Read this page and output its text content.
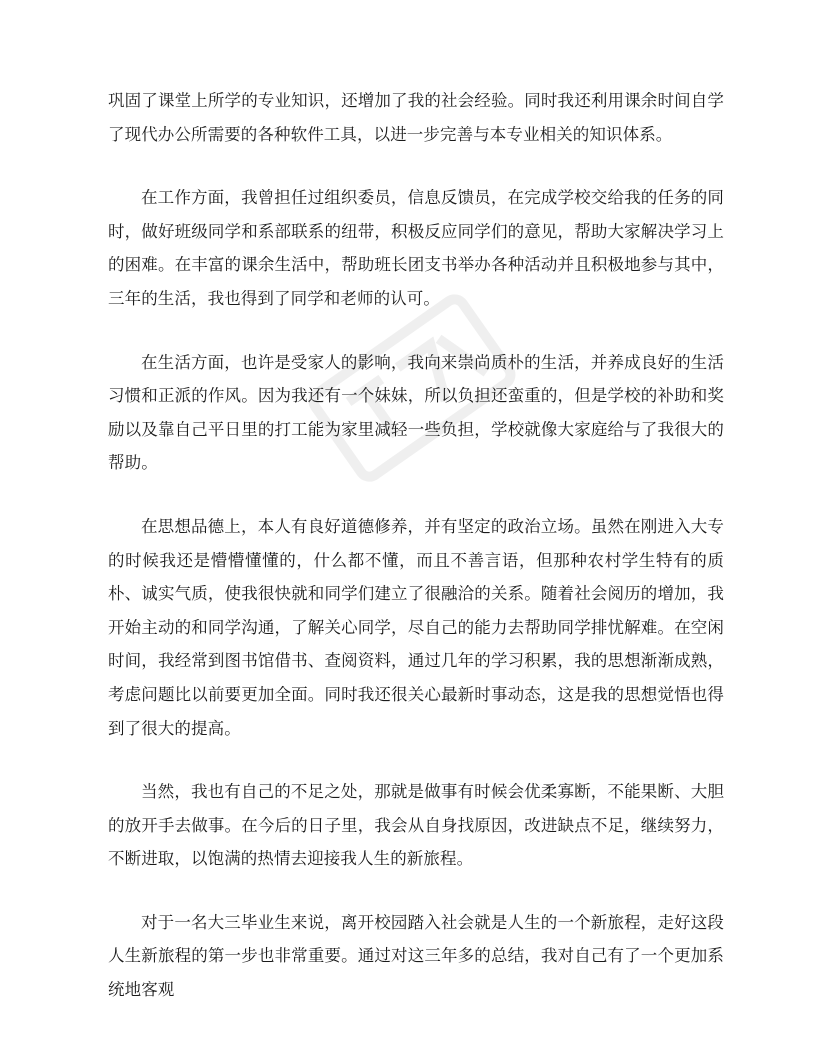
巩固了课堂上所学的专业知识，还增加了我的社会经验。同时我还利用课余时间自学了现代办公所需要的各种软件工具，以进一步完善与本专业相关的知识体系。

在工作方面，我曾担任过组织委员，信息反馈员，在完成学校交给我的任务的同时，做好班级同学和系部联系的纽带，积极反应同学们的意见，帮助大家解决学习上的困难。在丰富的课余生活中，帮助班长团支书举办各种活动并且积极地参与其中，三年的生活，我也得到了同学和老师的认可。

在生活方面，也许是受家人的影响，我向来崇尚质朴的生活，并养成良好的生活习惯和正派的作风。因为我还有一个妹妹，所以负担还蛮重的，但是学校的补助和奖励以及靠自己平日里的打工能为家里减轻一些负担，学校就像大家庭给与了我很大的帮助。

在思想品德上，本人有良好道德修养，并有坚定的政治立场。虽然在刚进入大专的时候我还是懵懵懂懂的，什么都不懂，而且不善言语，但那种农村学生特有的质朴、诚实气质，使我很快就和同学们建立了很融洽的关系。随着社会阅历的增加，我开始主动的和同学沟通，了解关心同学，尽自己的能力去帮助同学排忧解难。在空闲时间，我经常到图书馆借书、查阅资料，通过几年的学习积累，我的思想渐渐成熟，考虑问题比以前要更加全面。同时我还很关心最新时事动态，这是我的思想觉悟也得到了很大的提高。

当然，我也有自己的不足之处，那就是做事有时候会优柔寡断，不能果断、大胆的放开手去做事。在今后的日子里，我会从自身找原因，改进缺点不足，继续努力，不断进取，以饱满的热情去迎接我人生的新旅程。

对于一名大三毕业生来说，离开校园踏入社会就是人生的一个新旅程，走好这段人生新旅程的第一步也非常重要。通过对这三年多的总结，我对自己有了一个更加系统地客观
